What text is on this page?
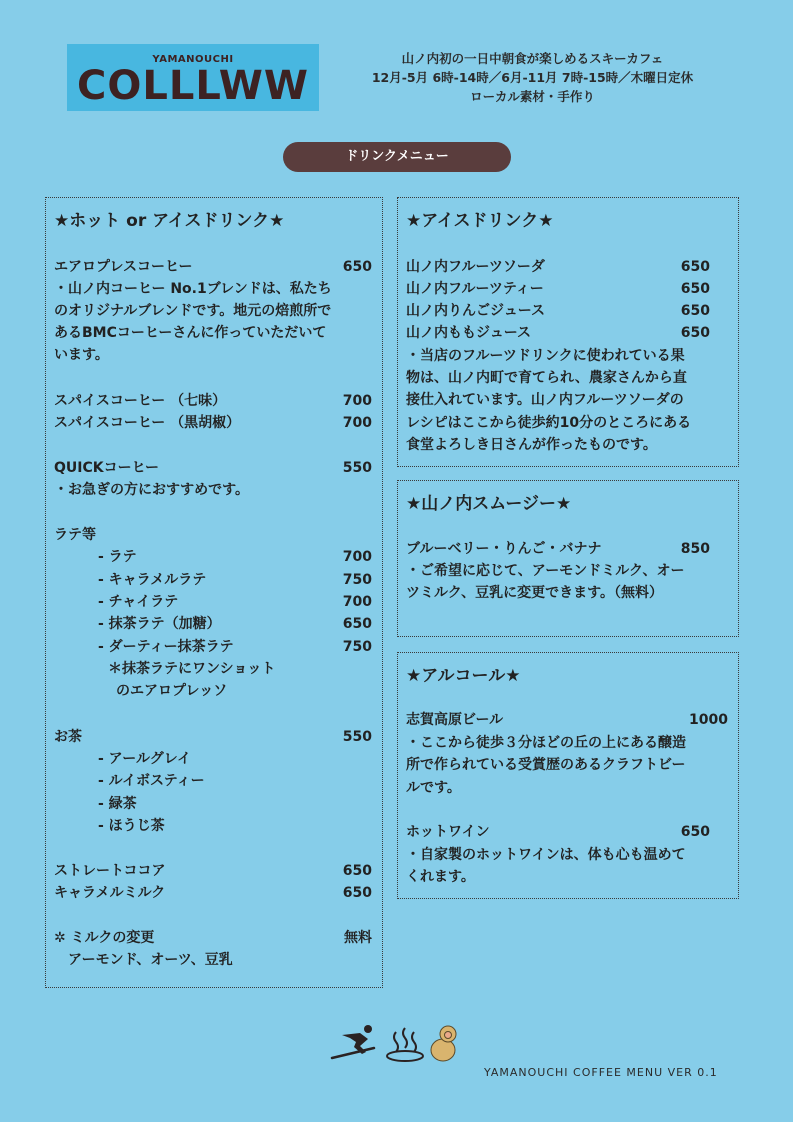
YAMANOUCHI
COLLLWW
山ノ内初の一日中朝食が楽しめるスキーカフェ
12月-5月 6時-14時／6月-11月 7時-15時／木曜日定休
ローカル素材・手作り
ドリンクメニュー
★ホット or アイスドリンク★
エアロプレスコーヒー	650
・山ノ内コーヒー No.1ブレンドは、私たち
のオリジナルブレンドです。地元の焙煎所で
あるBMCコーヒーさんに作っていただいて
います。
スパイスコーヒー （七味）	700
スパイスコーヒー （黒胡椒）	700
QUICKコーヒー	550
・お急ぎの方におすすめです。
ラテ等
- ラテ	700
- キャラメルラテ	750
- チャイラテ	700
- 抹茶ラテ（加糖）	650
- ダーティー抹茶ラテ	750
＊抹茶ラテにワンショット
のエアロプレッソ
お茶	550
- アールグレイ
- ルイボスティー
- 緑茶
- ほうじ茶
ストレートココア	650
キャラメルミルク	650
✲ ミルクの変更	無料
アーモンド、オーツ、豆乳
★アイスドリンク★
山ノ内フルーツソーダ	650
山ノ内フルーツティー	650
山ノ内りんごジュース	650
山ノ内ももジュース	650
・当店のフルーツドリンクに使われている果
物は、山ノ内町で育てられ、農家さんから直
接仕入れています。山ノ内フルーツソーダの
レシピはここから徒歩約10分のところにある
食堂よろしき日さんが作ったものです。
★山ノ内スムージー★
ブルーベリー・りんご・バナナ	850
・ご希望に応じて、アーモンドミルク、オー
ツミルク、豆乳に変更できます。（無料）
★アルコール★
志賀高原ビール	1000
・ここから徒歩３分ほどの丘の上にある醸造
所で作られている受賞歴のあるクラフトビー
ルです。
ホットワイン	650
・自家製のホットワインは、体も心も温めて
くれます。
YAMANOUCHI COFFEE MENU VER 0.1
